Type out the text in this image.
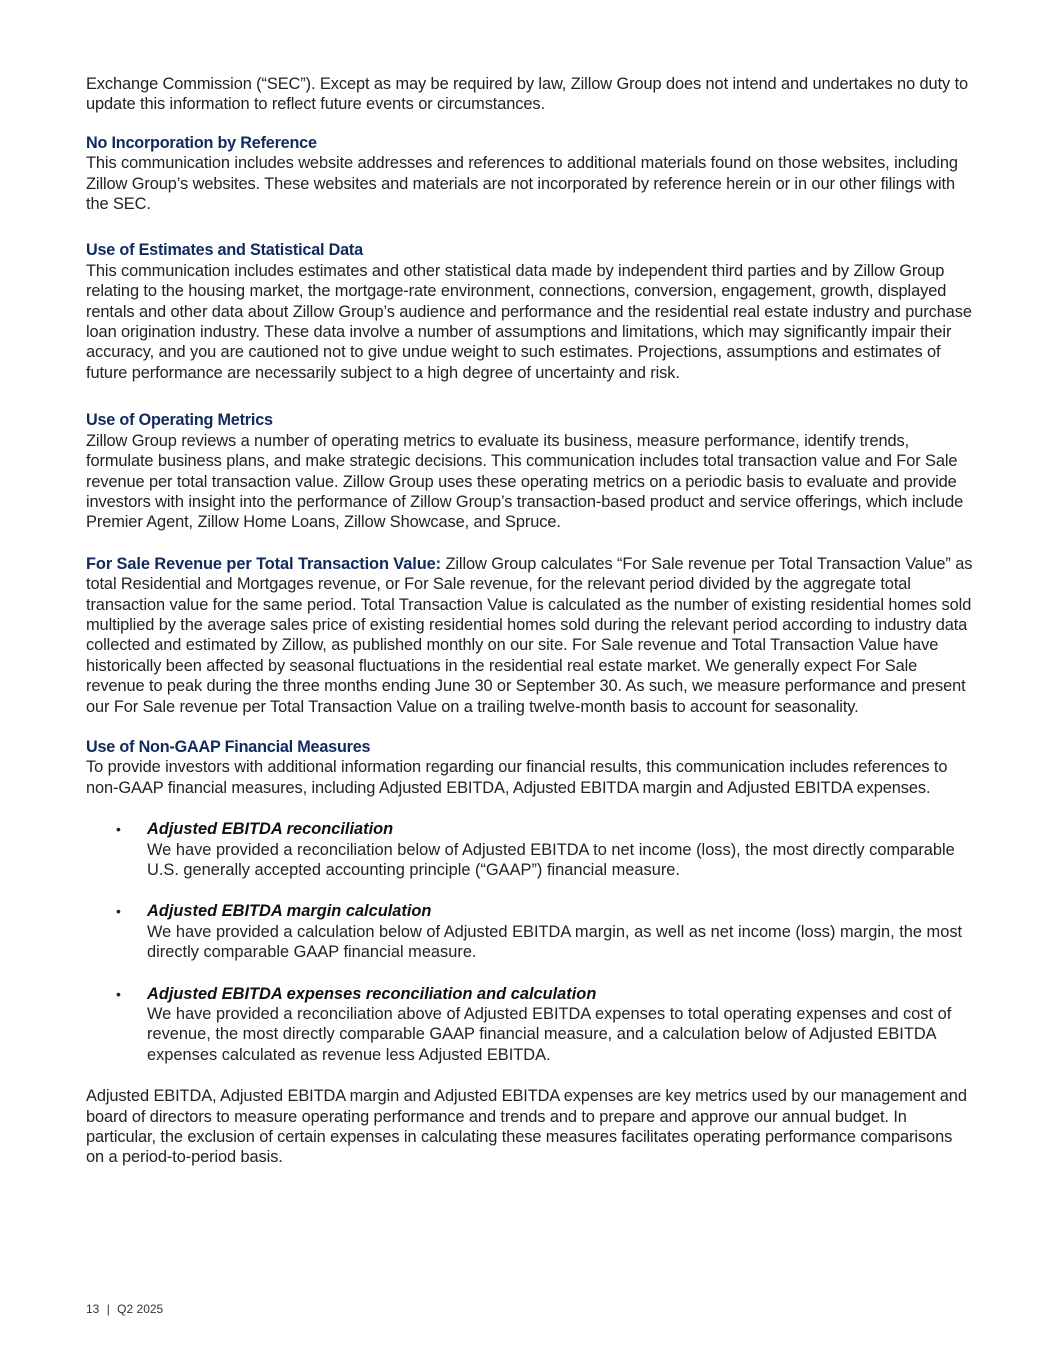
Exchange Commission (“SEC”). Except as may be required by law, Zillow Group does not intend and undertakes no duty to update this information to reflect future events or circumstances.

No Incorporation by Reference

This communication includes website addresses and references to additional materials found on those websites, including Zillow Group’s websites. These websites and materials are not incorporated by reference herein or in our other filings with the SEC.

Use of Estimates and Statistical Data

This communication includes estimates and other statistical data made by independent third parties and by Zillow Group relating to the housing market, the mortgage-rate environment, connections, conversion, engagement, growth, displayed rentals and other data about Zillow Group’s audience and performance and the residential real estate industry and purchase loan origination industry. These data involve a number of assumptions and limitations, which may significantly impair their accuracy, and you are cautioned not to give undue weight to such estimates. Projections, assumptions and estimates of future performance are necessarily subject to a high degree of uncertainty and risk.

Use of Operating Metrics

Zillow Group reviews a number of operating metrics to evaluate its business, measure performance, identify trends, formulate business plans, and make strategic decisions. This communication includes total transaction value and For Sale revenue per total transaction value. Zillow Group uses these operating metrics on a periodic basis to evaluate and provide investors with insight into the performance of Zillow Group’s transaction-based product and service offerings, which include Premier Agent, Zillow Home Loans, Zillow Showcase, and Spruce.

For Sale Revenue per Total Transaction Value: Zillow Group calculates “For Sale revenue per Total Transaction Value” as total Residential and Mortgages revenue, or For Sale revenue, for the relevant period divided by the aggregate total transaction value for the same period. Total Transaction Value is calculated as the number of existing residential homes sold multiplied by the average sales price of existing residential homes sold during the relevant period according to industry data collected and estimated by Zillow, as published monthly on our site. For Sale revenue and Total Transaction Value have historically been affected by seasonal fluctuations in the residential real estate market. We generally expect For Sale revenue to peak during the three months ending June 30 or September 30. As such, we measure performance and present our For Sale revenue per Total Transaction Value on a trailing twelve-month basis to account for seasonality.

Use of Non-GAAP Financial Measures

To provide investors with additional information regarding our financial results, this communication includes references to non-GAAP financial measures, including Adjusted EBITDA, Adjusted EBITDA margin and Adjusted EBITDA expenses.

• Adjusted EBITDA reconciliation
We have provided a reconciliation below of Adjusted EBITDA to net income (loss), the most directly comparable U.S. generally accepted accounting principle (“GAAP”) financial measure.
• Adjusted EBITDA margin calculation
We have provided a calculation below of Adjusted EBITDA margin, as well as net income (loss) margin, the most directly comparable GAAP financial measure.
• Adjusted EBITDA expenses reconciliation and calculation
We have provided a reconciliation above of Adjusted EBITDA expenses to total operating expenses and cost of revenue, the most directly comparable GAAP financial measure, and a calculation below of Adjusted EBITDA expenses calculated as revenue less Adjusted EBITDA.

Adjusted EBITDA, Adjusted EBITDA margin and Adjusted EBITDA expenses are key metrics used by our management and board of directors to measure operating performance and trends and to prepare and approve our annual budget. In particular, the exclusion of certain expenses in calculating these measures facilitates operating performance comparisons on a period-to-period basis.

13 | Q2 2025
